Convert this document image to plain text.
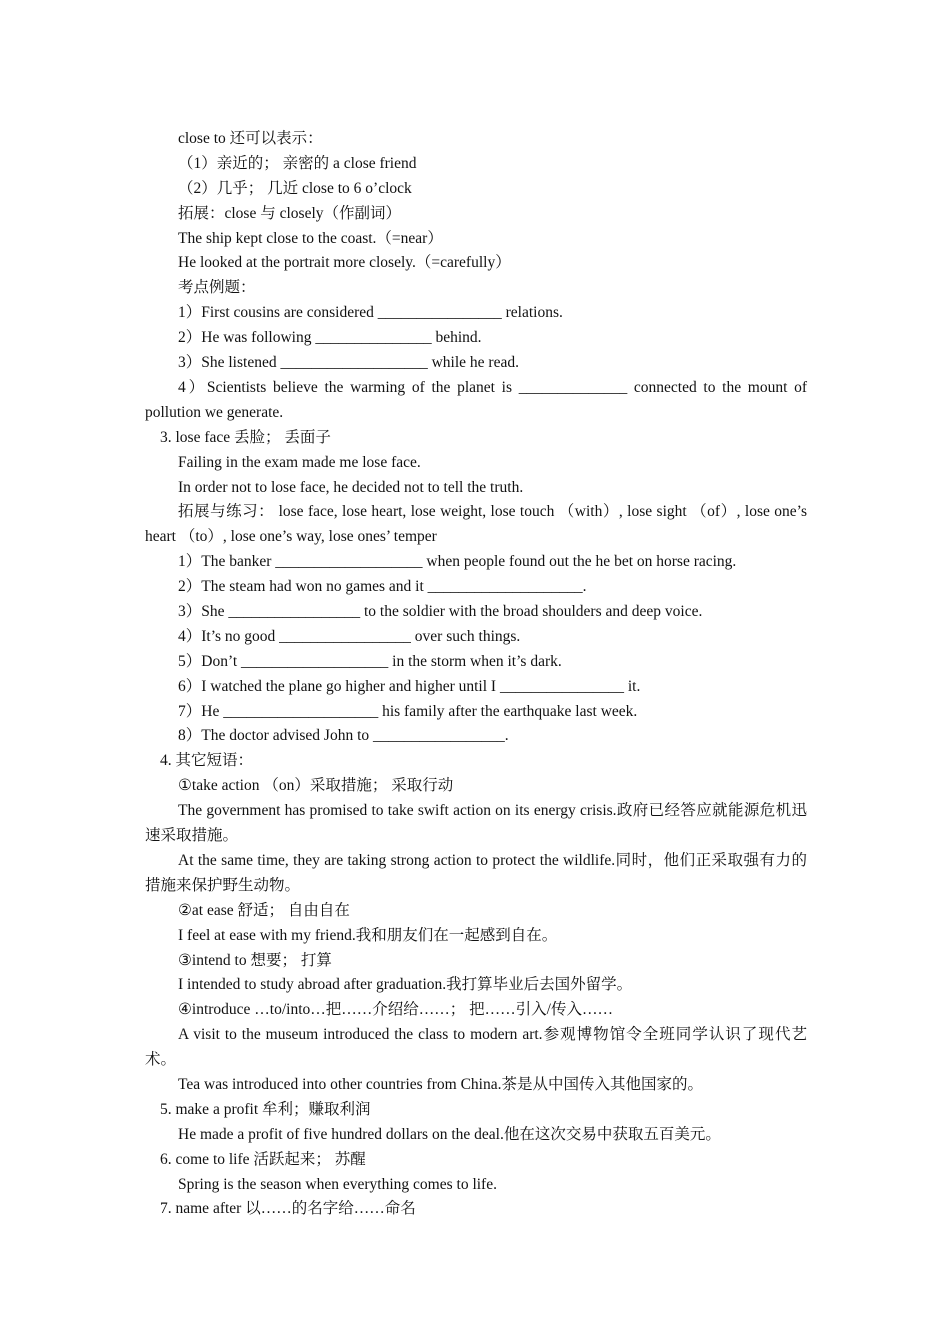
close to 还可以表示：
（1）亲近的； 亲密的 a close friend
（2）几乎； 几近 close to 6 o’clock
拓展：close 与 closely（作副词）
The ship kept close to the coast.（=near）
He looked at the portrait more closely.（=carefully）
考点例题：
1）First cousins are considered ________________ relations.
2）He was following _______________ behind.
3）She listened ___________________ while he read.
4）Scientists believe the warming of the planet is ______________ connected to the mount of pollution we generate.
3. lose face 丢脸； 丢面子
Failing in the exam made me lose face.
In order not to lose face, he decided not to tell the truth.
拓展与练习： lose face, lose heart, lose weight, lose touch （with）, lose sight （of）, lose one’s heart （to）, lose one’s way, lose ones’ temper
1）The banker ___________________ when people found out the he bet on horse racing.
2）The steam had won no games and it ____________________.
3）She _________________ to the soldier with the broad shoulders and deep voice.
4）It’s no good _________________ over such things.
5）Don’t ___________________ in the storm when it’s dark.
6）I watched the plane go higher and higher until I ________________ it.
7）He ____________________ his family after the earthquake last week.
8）The doctor advised John to _________________.
4. 其它短语：
①take action （on）采取措施； 采取行动
The government has promised to take swift action on its energy crisis.政府已经答应就能源危机迅速采取措施。
At the same time, they are taking strong action to protect the wildlife.同时，他们正采取强有力的措施来保护野生动物。
②at ease 舒适； 自由自在
I feel at ease with my friend.我和朋友们在一起感到自在。
③intend to 想要； 打算
I intended to study abroad after graduation.我打算毕业后去国外留学。
④introduce …to/into…把……介绍给……； 把……引入/传入……
A visit to the museum introduced the class to modern art.参观博物馆令全班同学认识了现代艺术。
Tea was introduced into other countries from China.茶是从中国传入其他国家的。
5. make a profit 牟利；赚取利润
He made a profit of five hundred dollars on the deal.他在这次交易中获取五百美元。
6. come to life 活跃起来； 苏醒
Spring is the season when everything comes to life.
7. name after 以……的名字给……命名
